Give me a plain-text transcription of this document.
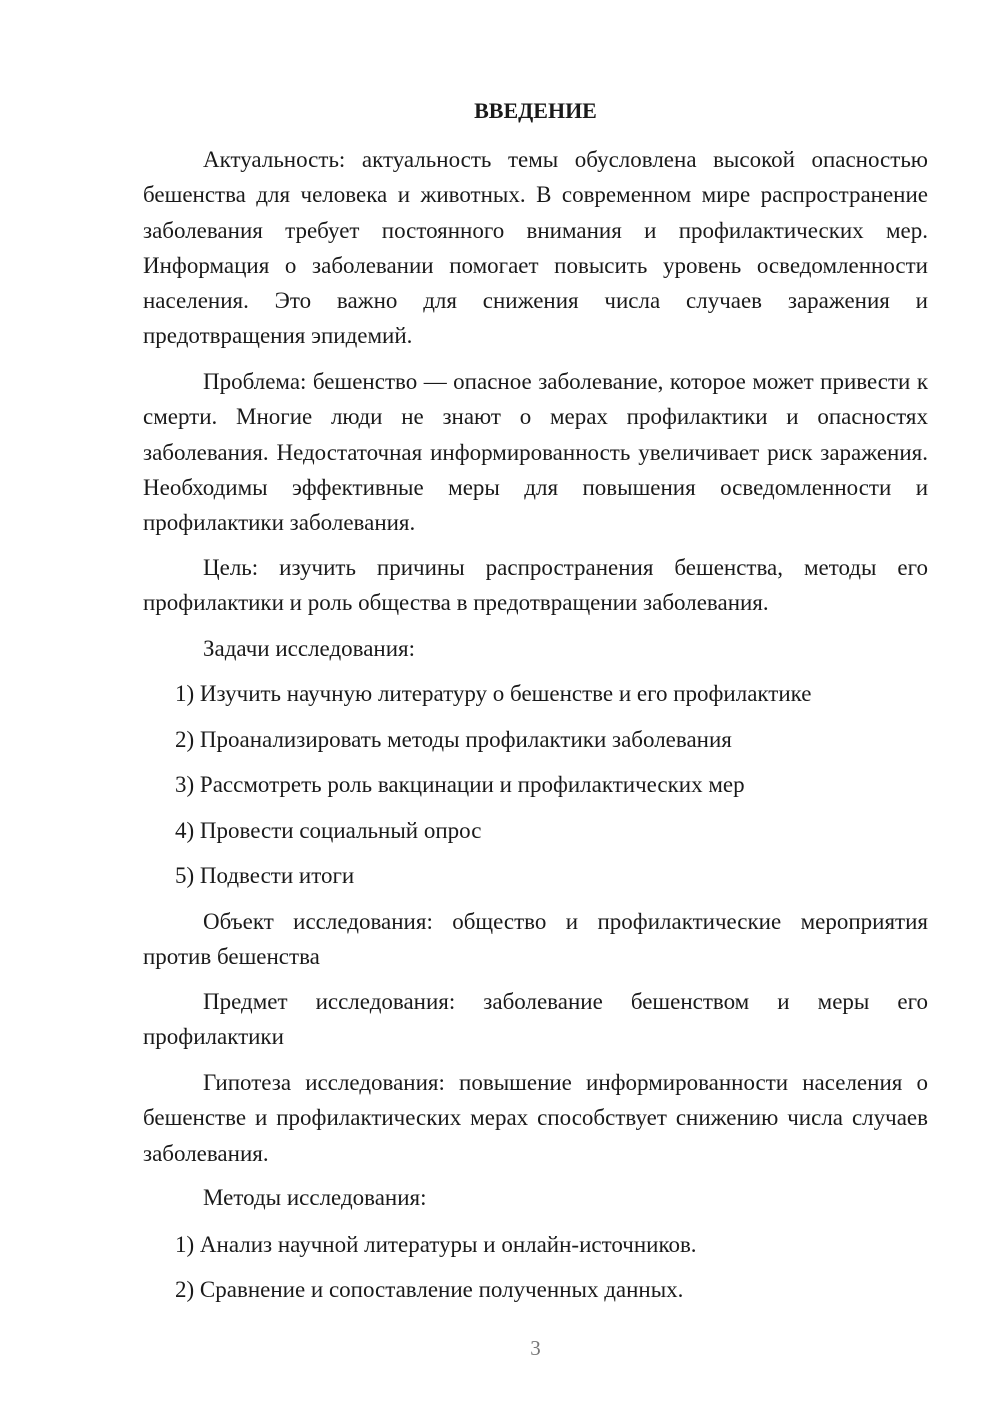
ВВЕДЕНИЕ

Актуальность: актуальность темы обусловлена высокой опасностью бешенства для человека и животных. В современном мире распространение заболевания требует постоянного внимания и профилактических мер. Информация о заболевании помогает повысить уровень осведомленности населения. Это важно для снижения числа случаев заражения и предотвращения эпидемий.

Проблема: бешенство — опасное заболевание, которое может привести к смерти. Многие люди не знают о мерах профилактики и опасностях заболевания. Недостаточная информированность увеличивает риск заражения. Необходимы эффективные меры для повышения осведомленности и профилактики заболевания.

Цель: изучить причины распространения бешенства, методы его профилактики и роль общества в предотвращении заболевания.

Задачи исследования:

1) Изучить научную литературу о бешенстве и его профилактике

2) Проанализировать методы профилактики заболевания

3) Рассмотреть роль вакцинации и профилактических мер

4) Провести социальный опрос

5) Подвести итоги

Объект исследования: общество и профилактические мероприятия против бешенства

Предмет исследования: заболевание бешенством и меры его профилактики

Гипотеза исследования: повышение информированности населения о бешенстве и профилактических мерах способствует снижению числа случаев заболевания.

Методы исследования:

1) Анализ научной литературы и онлайн-источников.

2) Сравнение и сопоставление полученных данных.

3
